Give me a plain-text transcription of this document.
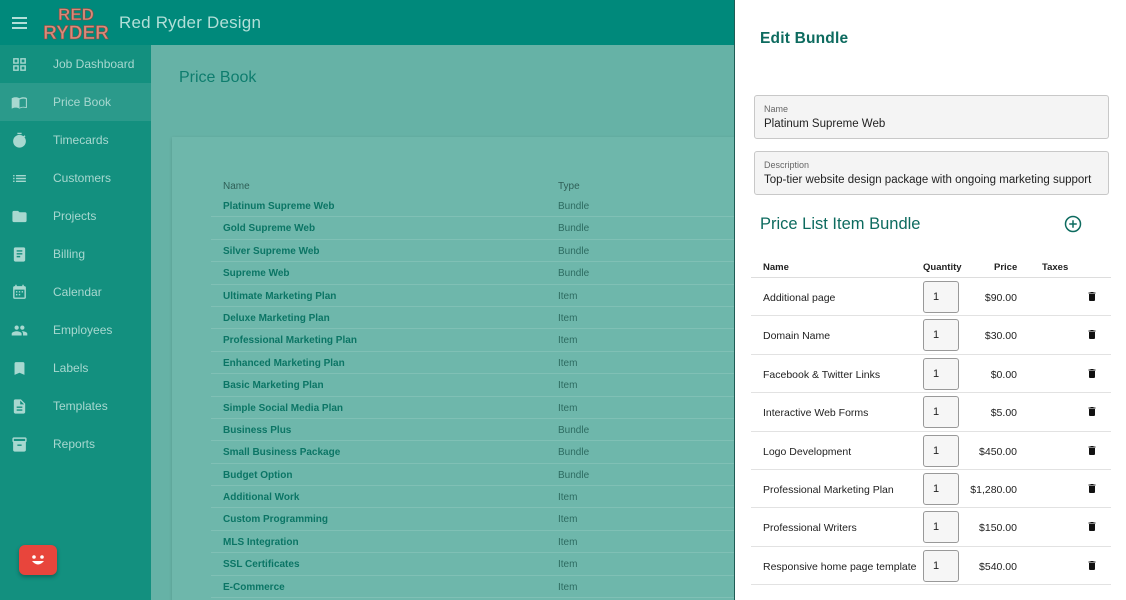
RED
RYDER
Red Ryder Design
Job Dashboard
Price Book
Timecards
Customers
Projects
Billing
Calendar
Employees
Labels
Templates
Reports
Price Book
Name	Type
Platinum Supreme Web	Bundle
Gold Supreme Web	Bundle
Silver Supreme Web	Bundle
Supreme Web	Bundle
Ultimate Marketing Plan	Item
Deluxe Marketing Plan	Item
Professional Marketing Plan	Item
Enhanced Marketing Plan	Item
Basic Marketing Plan	Item
Simple Social Media Plan	Item
Business Plus	Bundle
Small Business Package	Bundle
Budget Option	Bundle
Additional Work	Item
Custom Programming	Item
MLS Integration	Item
SSL Certificates	Item
E-Commerce	Item
Edit Bundle
Name
Platinum Supreme Web
Description
Top-tier website design package with ongoing marketing support
Price List Item Bundle
Name	Quantity	Price	Taxes
Additional page	1	$90.00
Domain Name	1	$30.00
Facebook & Twitter Links	1	$0.00
Interactive Web Forms	1	$5.00
Logo Development	1	$450.00
Professional Marketing Plan	1	$1,280.00
Professional Writers	1	$150.00
Responsive home page template	1	$540.00
